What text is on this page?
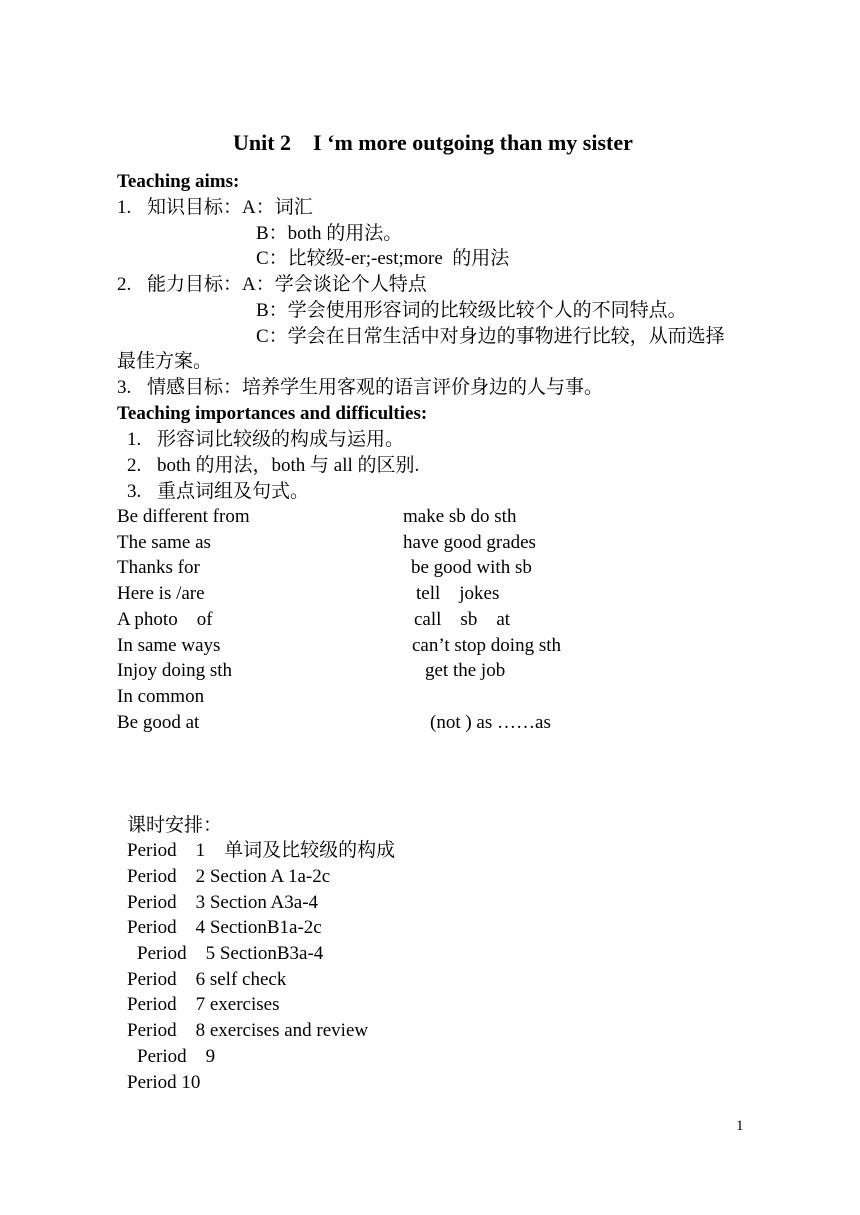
Unit 2    I ‘m more outgoing than my sister
Teaching aims:
1. 知识目标： A：词汇
B：both 的用法。
C：比较级-er;-est;more  的用法
2. 能力目标： A：学会谈论个人特点
B：学会使用形容词的比较级比较个人的不同特点。
C：学会在日常生活中对身边的事物进行比较，从而选择
最佳方案。
3. 情感目标： 培养学生用客观的语言评价身边的人与事。
Teaching importances and difficulties:
1. 形容词比较级的构成与运用。
2. both 的用法，both 与 all 的区别.
3. 重点词组及句式。
Be different from
The same as
Thanks for
Here is /are
A photo    of
In same ways
Injoy doing sth
In common
Be good at
make sb do sth
have good grades
be good with sb
tell    jokes
call    sb    at
can’t stop doing sth
get the job
(not ) as ……as
课时安排：
Period    1    单词及比较级的构成
Period    2 Section A 1a-2c
Period    3 Section A3a-4
Period    4 SectionB1a-2c
Period    5 SectionB3a-4
Period    6 self check
Period    7 exercises
Period    8 exercises and review
Period    9
Period 10
1
